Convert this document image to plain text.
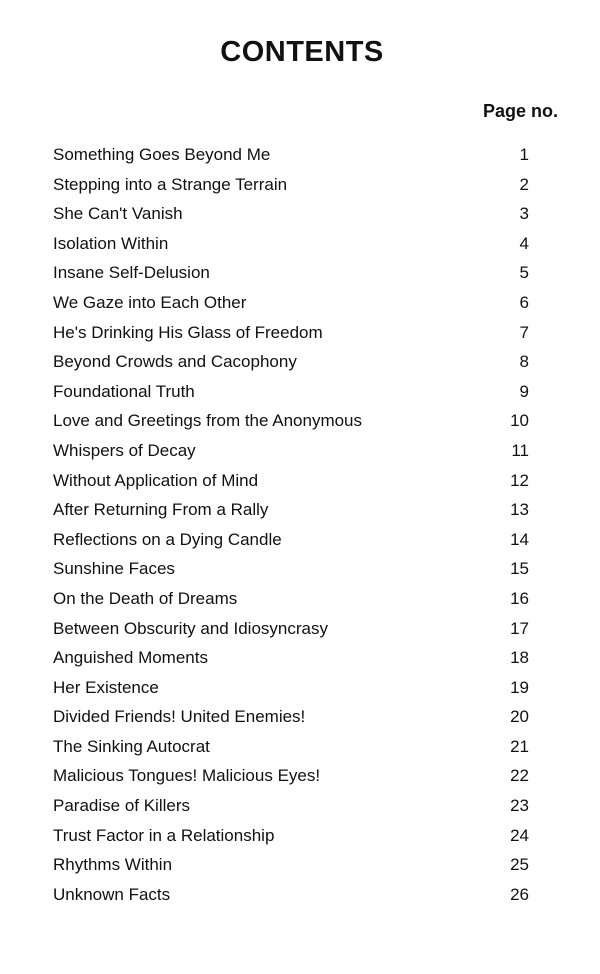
CONTENTS
Page no.
Something Goes Beyond Me	1
Stepping into a Strange Terrain	2
She Can't Vanish	3
Isolation Within	4
Insane Self-Delusion	5
We Gaze into Each Other	6
He's Drinking His Glass of Freedom	7
Beyond Crowds and Cacophony	8
Foundational Truth	9
Love and Greetings from the Anonymous	10
Whispers of Decay	11
Without Application of Mind	12
After Returning From a Rally	13
Reflections on a Dying Candle	14
Sunshine Faces	15
On the Death of Dreams	16
Between Obscurity and Idiosyncrasy	17
Anguished Moments	18
Her Existence	19
Divided Friends! United Enemies!	20
The Sinking Autocrat	21
Malicious Tongues! Malicious Eyes!	22
Paradise of Killers	23
Trust Factor in a Relationship	24
Rhythms Within	25
Unknown Facts	26
